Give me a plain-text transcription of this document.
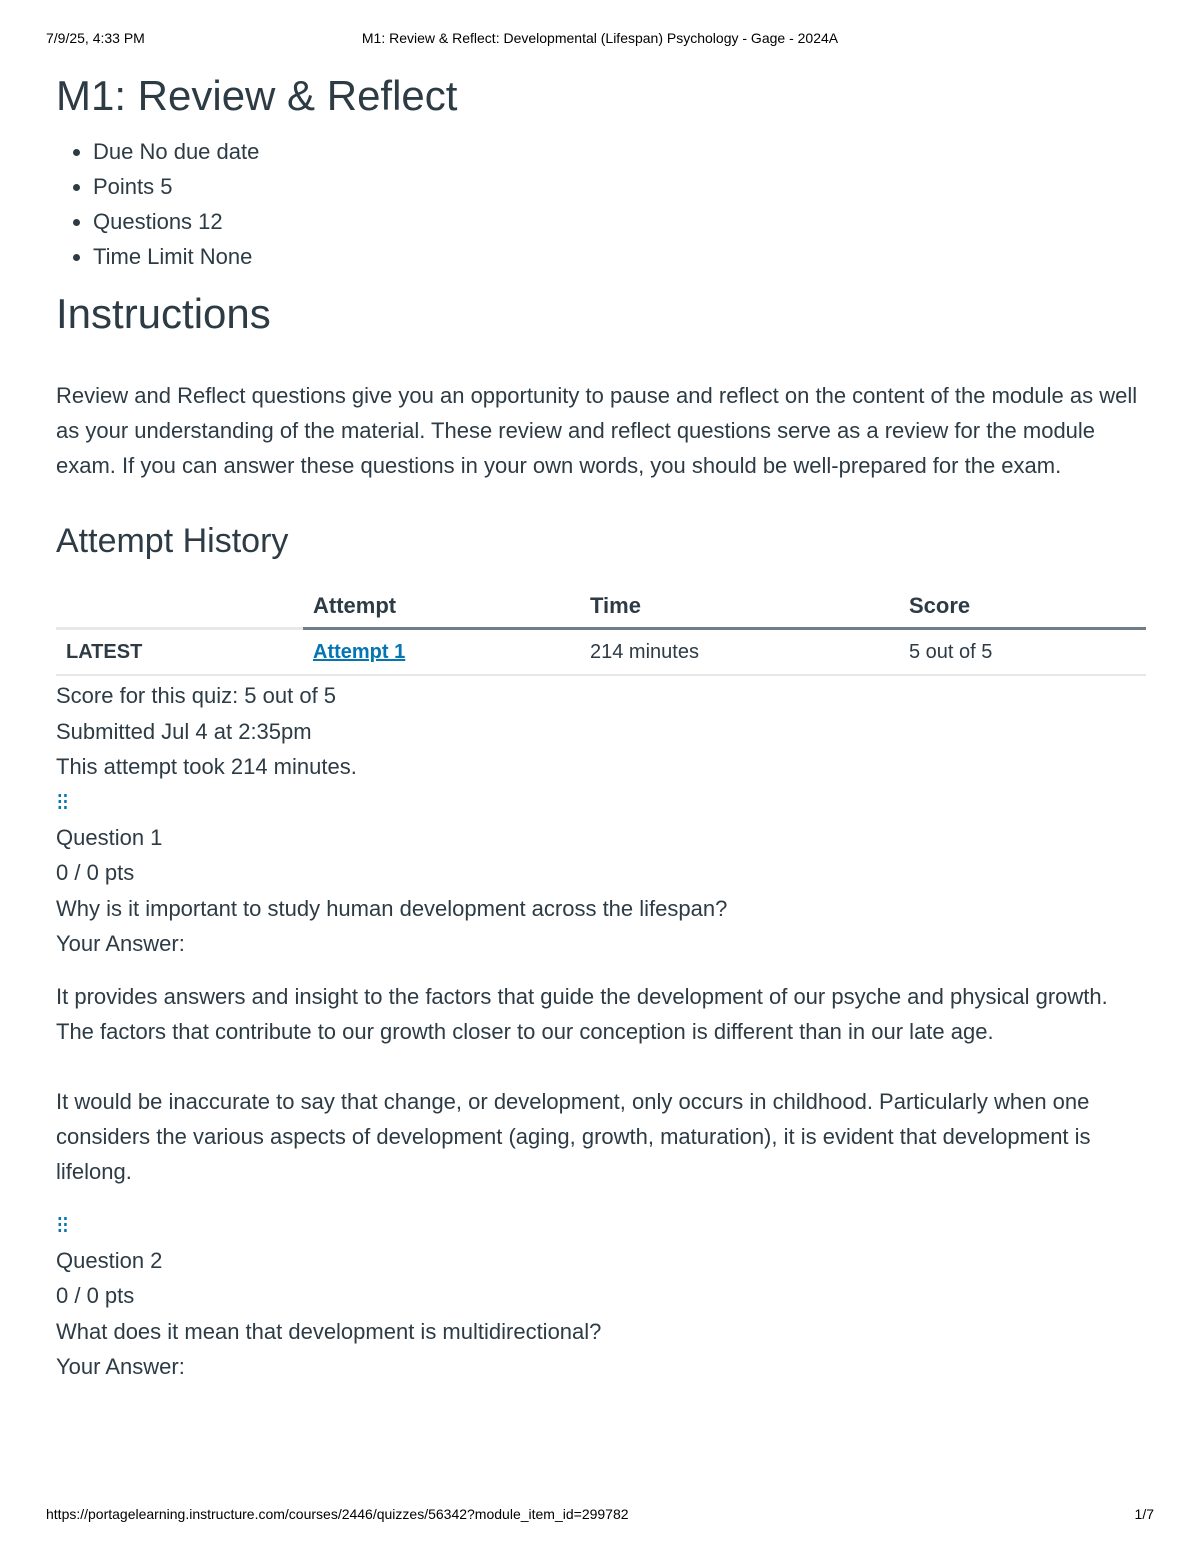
7/9/25, 4:33 PM	M1: Review & Reflect: Developmental (Lifespan) Psychology - Gage - 2024A
M1: Review & Reflect
• Due No due date
• Points 5
• Questions 12
• Time Limit None
Instructions

Review and Reflect questions give you an opportunity to pause and reflect on the content of the module as well as your understanding of the material. These review and reflect questions serve as a review for the module exam. If you can answer these questions in your own words, you should be well-prepared for the exam.

Attempt History
	Attempt	Time	Score
LATEST	Attempt 1	214 minutes	5 out of 5
Score for this quiz: 5 out of 5
Submitted Jul 4 at 2:35pm
This attempt took 214 minutes.
⁝⁝
Question 1
0 / 0 pts
Why is it important to study human development across the lifespan?
Your Answer:

It provides answers and insight to the factors that guide the development of our psyche and physical growth. The factors that contribute to our growth closer to our conception is different than in our late age.

It would be inaccurate to say that change, or development, only occurs in childhood. Particularly when one considers the various aspects of development (aging, growth, maturation), it is evident that development is lifelong.

⁝⁝
Question 2
0 / 0 pts
What does it mean that development is multidirectional?
Your Answer:
https://portagelearning.instructure.com/courses/2446/quizzes/56342?module_item_id=299782	1/7
